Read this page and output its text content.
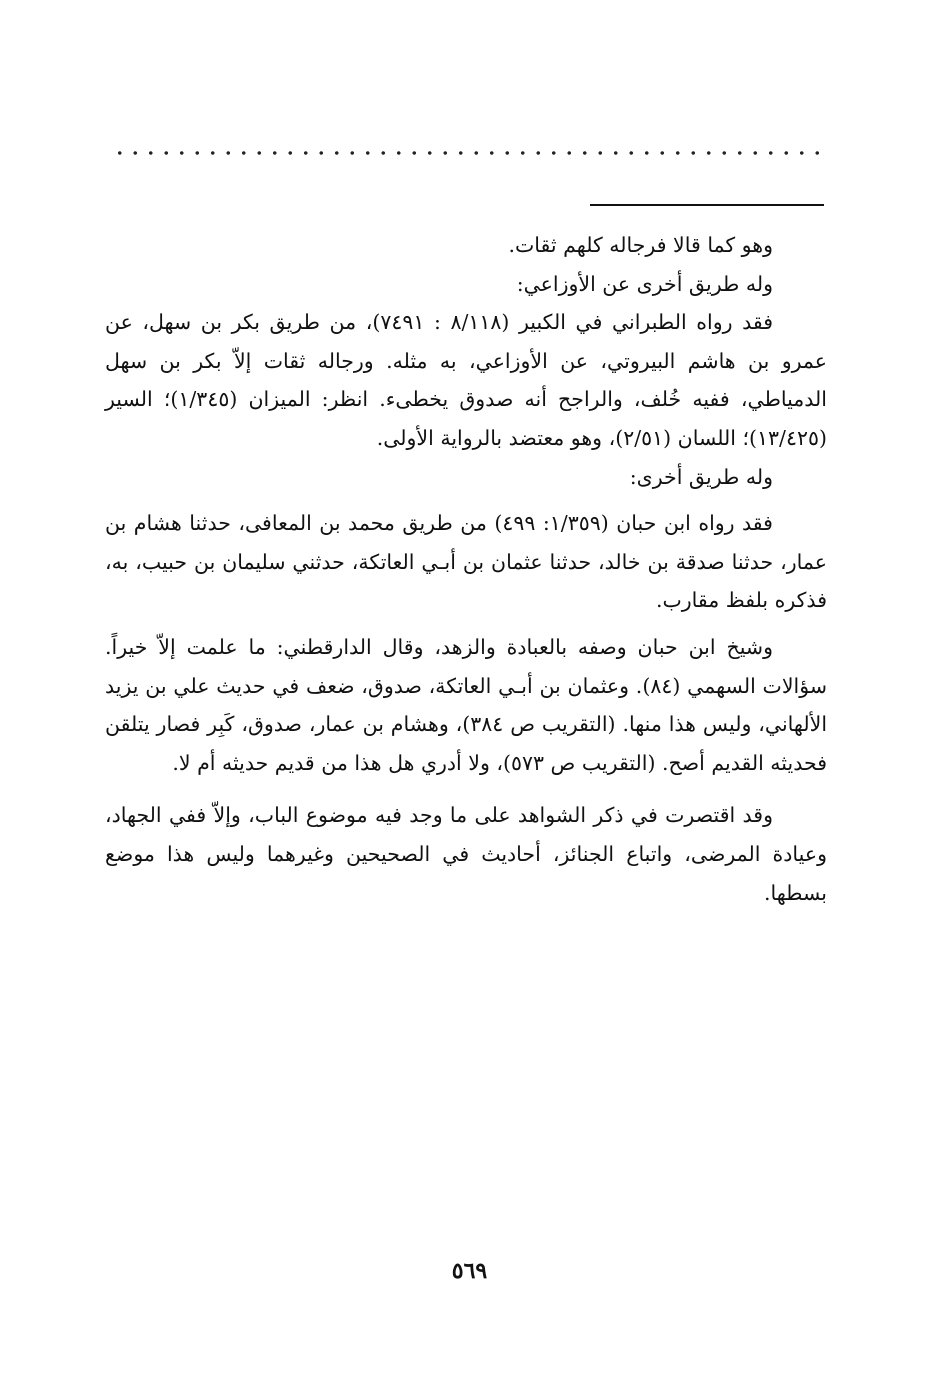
وهو كما قالا فرجاله كلهم ثقات.

وله طريق أخرى عن الأوزاعي:

فقد رواه الطبراني في الكبير (٨/١١٨ : ٧٤٩١)، من طريق بكر بن سهل، عن عمرو بن هاشم البيروتي، عن الأوزاعي، به مثله. ورجاله ثقات إلاّ بكر بن سهل الدمياطي، ففيه خُلف، والراجح أنه صدوق يخطىء. انظر: الميزان (١/٣٤٥)؛ السير (١٣/٤٢٥)؛ اللسان (٢/٥١)، وهو معتضد بالرواية الأولى.

وله طريق أخرى:

فقد رواه ابن حبان (١/٣٥٩: ٤٩٩) من طريق محمد بن المعافى، حدثنا هشام بن عمار، حدثنا صدقة بن خالد، حدثنا عثمان بن أبـي العاتكة، حدثني سليمان بن حبيب، به، فذكره بلفظ مقارب.

وشيخ ابن حبان وصفه بالعبادة والزهد، وقال الدارقطني: ما علمت إلاّ خيراً. سؤالات السهمي (٨٤). وعثمان بن أبـي العاتكة، صدوق، ضعف في حديث علي بن يزيد الألهاني، وليس هذا منها. (التقريب ص ٣٨٤)، وهشام بن عمار، صدوق، كَبِر فصار يتلقن فحديثه القديم أصح. (التقريب ص ٥٧٣)، ولا أدري هل هذا من قديم حديثه أم لا.

وقد اقتصرت في ذكر الشواهد على ما وجد فيه موضوع الباب، وإلاّ ففي الجهاد، وعيادة المرضى، واتباع الجنائز، أحاديث في الصحيحين وغيرهما وليس هذا موضع بسطها.

٥٦٩
